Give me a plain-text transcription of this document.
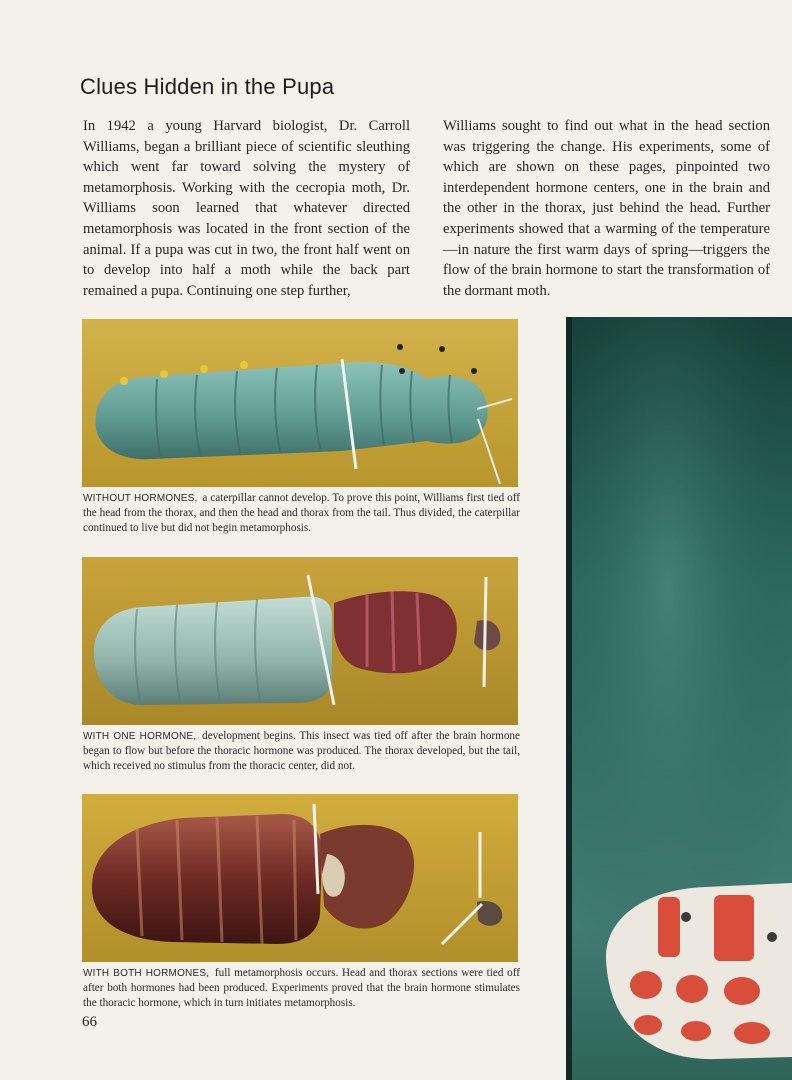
Clues Hidden in the Pupa

In 1942 a young Harvard biologist, Dr. Carroll Williams, began a brilliant piece of scientific sleuthing which went far toward solving the mystery of metamorphosis. Working with the cecropia moth, Dr. Williams soon learned that whatever directed metamorphosis was located in the front section of the animal. If a pupa was cut in two, the front half went on to develop into half a moth while the back part remained a pupa. Continuing one step further,

Williams sought to find out what in the head section was triggering the change. His experiments, some of which are shown on these pages, pinpointed two interdependent hormone centers, one in the brain and the other in the thorax, just behind the head. Further experiments showed that a warming of the temperature—in nature the first warm days of spring—triggers the flow of the brain hormone to start the transformation of the dormant moth.

WITHOUT HORMONES, a caterpillar cannot develop. To prove this point, Williams first tied off the head from the thorax, and then the head and thorax from the tail. Thus divided, the caterpillar continued to live but did not begin metamorphosis.

WITH ONE HORMONE, development begins. This insect was tied off after the brain hormone began to flow but before the thoracic hormone was produced. The thorax developed, but the tail, which received no stimulus from the thoracic center, did not.

WITH BOTH HORMONES, full metamorphosis occurs. Head and thorax sections were tied off after both hormones had been produced. Experiments proved that the brain hormone stimulates the thoracic hormone, which in turn initiates metamorphosis.

66
